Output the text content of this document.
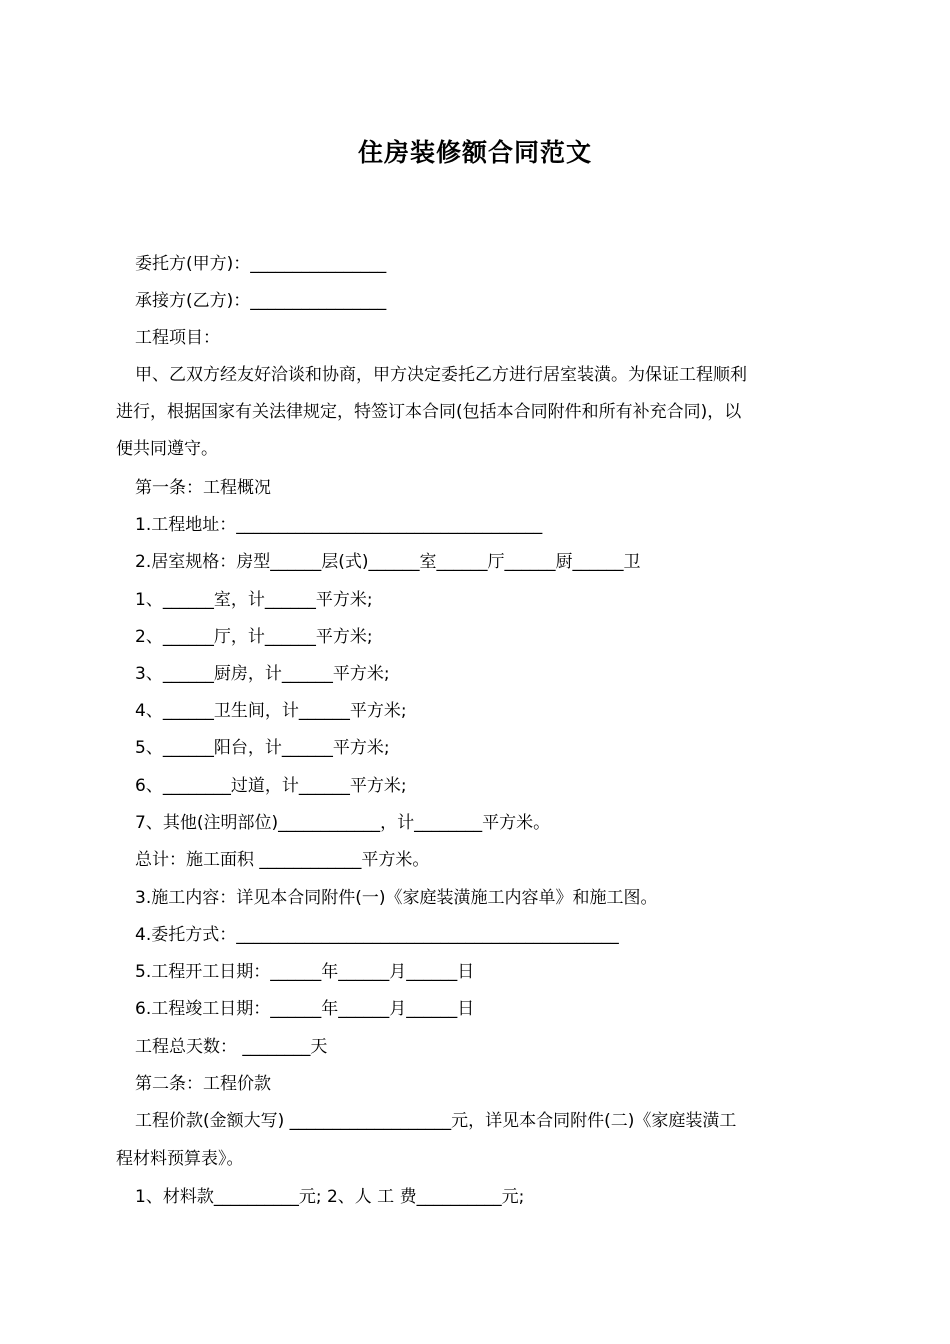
住房装修额合同范文
委托方(甲方)：________________
承接方(乙方)：________________
工程项目：
甲、乙双方经友好洽谈和协商，甲方决定委托乙方进行居室装潢。为保证工程顺利
进行，根据国家有关法律规定，特签订本合同(包括本合同附件和所有补充合同)，以
便共同遵守。
第一条：工程概况
1.工程地址：____________________________________
2.居室规格：房型______层(式)______室______厅______厨______卫
1、______室，计______平方米;
2、______厅，计______平方米;
3、______厨房，计______平方米;
4、______卫生间，计______平方米;
5、______阳台，计______平方米;
6、________过道，计______平方米;
7、其他(注明部位)____________，计________平方米。
总计：施工面积 ____________平方米。
3.施工内容：详见本合同附件(一)《家庭装潢施工内容单》和施工图。
4.委托方式：_____________________________________________
5.工程开工日期：______年______月______日
6.工程竣工日期：______年______月______日
工程总天数： ________天
第二条：工程价款
工程价款(金额大写) ___________________元，详见本合同附件(二)《家庭装潢工
程材料预算表》。
1、材料款__________元; 2、人 工 费__________元;
